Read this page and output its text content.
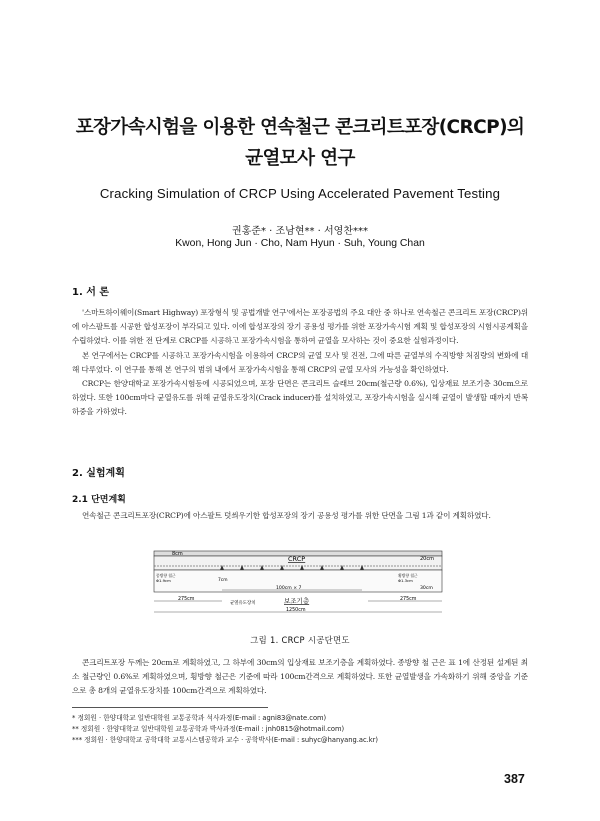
포장가속시험을 이용한 연속철근 콘크리트포장(CRCP)의
균열모사 연구
Cracking Simulation of CRCP Using Accelerated Pavement Testing
권홍준* · 조남현** · 서영찬***
Kwon, Hong Jun · Cho, Nam Hyun · Suh, Young Chan
1. 서 론

'스마트하이웨이(Smart Highway) 포장형식 및 공법개발 연구'에서는 포장공법의 주요 대안 중 하나로 연속철근 콘크리트 포장(CRCP)위에 아스팔트를 시공한 합성포장이 부각되고 있다. 이에 합성포장의 장기 공용성 평가를 위한 포장가속시험 계획 및 합성포장의 시험시공계획을 수립하였다. 이를 위한 전 단계로 CRCP를 시공하고 포장가속시험을 통하여 균열을 모사하는 것이 중요한 실험과정이다.

본 연구에서는 CRCP를 시공하고 포장가속시험을 이용하여 CRCP의 균열 모사 및 진전, 그에 따른 균열부의 수직방향 처짐량의 변화에 대해 다루었다. 이 연구를 통해 본 연구의 범위 내에서 포장가속시험을 통해 CRCP의 균열 모사의 가능성을 확인하였다.

CRCP는 한양대학교 포장가속시험동에 시공되었으며, 포장 단면은 콘크리트 슬래브 20cm(철근량 0.6%), 입상재료 보조기층 30cm으로 하였다. 또한 100cm마다 균열유도를 위해 균열유도장치(Crack inducer)를 설치하였고, 포장가속시험을 실시해 균열이 발생할 때까지 반복하중을 가하였다.

2. 실험계획
2.1 단면계획

연속철근 콘크리트포장(CRCP)에 아스팔트 덧씌우기한 합성포장의 장기 공용성 평가를 위한 단면을 그림 1과 같이 계획하였다.

8cm
CRCP	20cm
종방향 철근
Φ1.9cm	7cm
횡방향 철근
Φ1.3cm
100cm × 7	30cm
275cm
균열유도장치	보조기층	275cm
1250cm
그림 1. CRCP 시공단면도

콘크리트포장 두께는 20cm로 계획하였고, 그 하부에 30cm의 입상재료 보조기층을 계획하였다. 종방향 철 근은 표 1에 산정된 설계된 최소 철근량인 0.6%로 계획하였으며, 횡방향 철근은 기준에 따라 100cm간격으로 계획하였다. 또한 균열발생을 가속화하기 위해 중앙을 기준으로 총 8개의 균열유도장치를 100cm간격으로 계획하였다.

* 정회원 · 한양대학교 일반대학원 교통공학과 석사과정(E-mail : agni83@nate.com)
** 정회원 · 한양대학교 일반대학원 교통공학과 박사과정(E-mail : jnh0815@hotmail.com)
*** 정회원 · 한양대학교 공학대학 교통시스템공학과 교수 · 공학박사(E-mail : suhyc@hanyang.ac.kr)
387
